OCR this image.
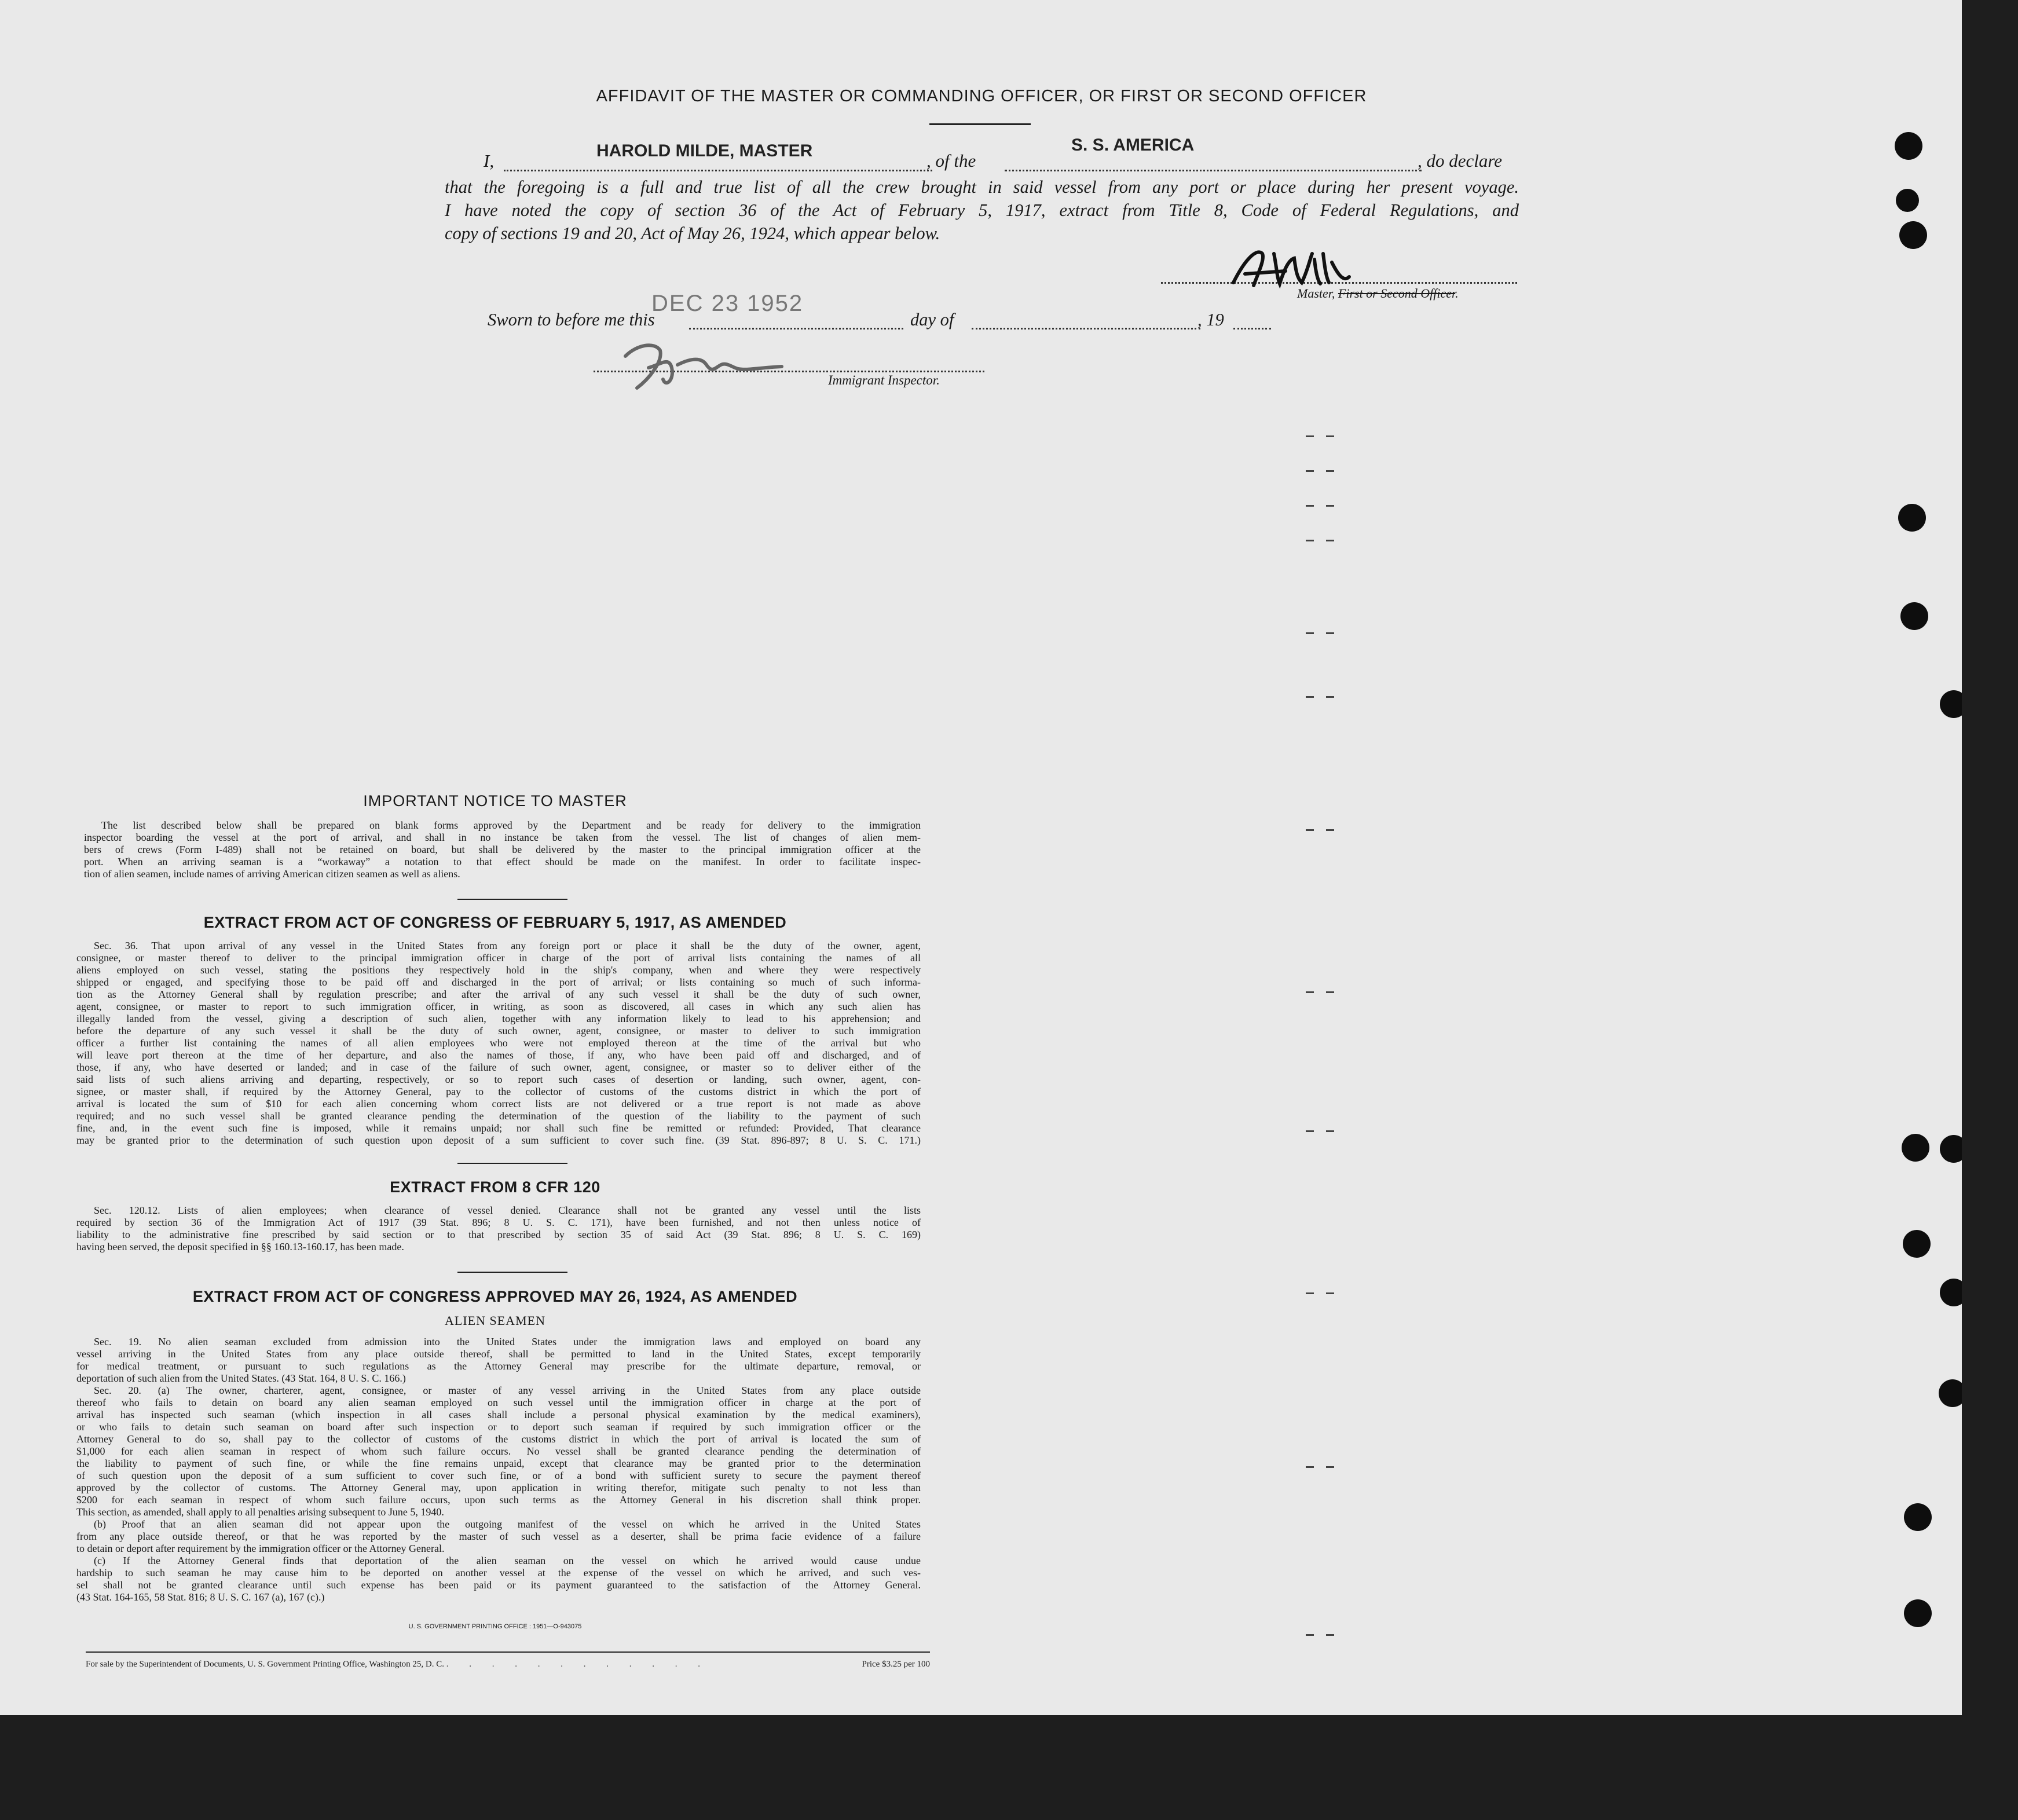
AFFIDAVIT OF THE MASTER OR COMMANDING OFFICER, OR FIRST OR SECOND OFFICER
I,	HAROLD MILDE, MASTER	, of the
S. S. AMERICA
, do declare
that the foregoing is a full and true list of all the crew brought in said vessel from any port or place during her present voyage.
I have noted the copy of section 36 of the Act of February 5, 1917, extract from Title 8, Code of Federal Regulations, and
copy of sections 19 and 20, Act of May 26, 1924, which appear below.
Master, First or Second Officer.
Sworn to before me this
DEC 23 1952
day of	, 19
Immigrant Inspector.
IMPORTANT NOTICE TO MASTER
The list described below shall be prepared on blank forms approved by the Department and be ready for delivery to the immigration
inspector boarding the vessel at the port of arrival, and shall in no instance be taken from the vessel. The list of changes of alien mem-
bers of crews (Form I-489) shall not be retained on board, but shall be delivered by the master to the principal immigration officer at the
port. When an arriving seaman is a “workaway” a notation to that effect should be made on the manifest. In order to facilitate inspec-
tion of alien seamen, include names of arriving American citizen seamen as well as aliens.
EXTRACT FROM ACT OF CONGRESS OF FEBRUARY 5, 1917, AS AMENDED
Sec. 36. That upon arrival of any vessel in the United States from any foreign port or place it shall be the duty of the owner, agent,
consignee, or master thereof to deliver to the principal immigration officer in charge of the port of arrival lists containing the names of all
aliens employed on such vessel, stating the positions they respectively hold in the ship's company, when and where they were respectively
shipped or engaged, and specifying those to be paid off and discharged in the port of arrival; or lists containing so much of such informa-
tion as the Attorney General shall by regulation prescribe; and after the arrival of any such vessel it shall be the duty of such owner,
agent, consignee, or master to report to such immigration officer, in writing, as soon as discovered, all cases in which any such alien has
illegally landed from the vessel, giving a description of such alien, together with any information likely to lead to his apprehension; and
before the departure of any such vessel it shall be the duty of such owner, agent, consignee, or master to deliver to such immigration
officer a further list containing the names of all alien employees who were not employed thereon at the time of the arrival but who
will leave port thereon at the time of her departure, and also the names of those, if any, who have been paid off and discharged, and of
those, if any, who have deserted or landed; and in case of the failure of such owner, agent, consignee, or master so to deliver either of the
said lists of such aliens arriving and departing, respectively, or so to report such cases of desertion or landing, such owner, agent, con-
signee, or master shall, if required by the Attorney General, pay to the collector of customs of the customs district in which the port of
arrival is located the sum of $10 for each alien concerning whom correct lists are not delivered or a true report is not made as above
required; and no such vessel shall be granted clearance pending the determination of the question of the liability to the payment of such
fine, and, in the event such fine is imposed, while it remains unpaid; nor shall such fine be remitted or refunded: Provided, That clearance
may be granted prior to the determination of such question upon deposit of a sum sufficient to cover such fine. (39 Stat. 896-897; 8 U. S. C. 171.)
EXTRACT FROM 8 CFR 120
Sec. 120.12. Lists of alien employees; when clearance of vessel denied. Clearance shall not be granted any vessel until the lists
required by section 36 of the Immigration Act of 1917 (39 Stat. 896; 8 U. S. C. 171), have been furnished, and not then unless notice of
liability to the administrative fine prescribed by said section or to that prescribed by section 35 of said Act (39 Stat. 896; 8 U. S. C. 169)
having been served, the deposit specified in §§ 160.13-160.17, has been made.
EXTRACT FROM ACT OF CONGRESS APPROVED MAY 26, 1924, AS AMENDED
ALIEN SEAMEN
Sec. 19. No alien seaman excluded from admission into the United States under the immigration laws and employed on board any
vessel arriving in the United States from any place outside thereof, shall be permitted to land in the United States, except temporarily
for medical treatment, or pursuant to such regulations as the Attorney General may prescribe for the ultimate departure, removal, or
deportation of such alien from the United States. (43 Stat. 164, 8 U. S. C. 166.)
Sec. 20. (a) The owner, charterer, agent, consignee, or master of any vessel arriving in the United States from any place outside
thereof who fails to detain on board any alien seaman employed on such vessel until the immigration officer in charge at the port of
arrival has inspected such seaman (which inspection in all cases shall include a personal physical examination by the medical examiners),
or who fails to detain such seaman on board after such inspection or to deport such seaman if required by such immigration officer or the
Attorney General to do so, shall pay to the collector of customs of the customs district in which the port of arrival is located the sum of
$1,000 for each alien seaman in respect of whom such failure occurs. No vessel shall be granted clearance pending the determination of
the liability to payment of such fine, or while the fine remains unpaid, except that clearance may be granted prior to the determination
of such question upon the deposit of a sum sufficient to cover such fine, or of a bond with sufficient surety to secure the payment thereof
approved by the collector of customs. The Attorney General may, upon application in writing therefor, mitigate such penalty to not less than
$200 for each seaman in respect of whom such failure occurs, upon such terms as the Attorney General in his discretion shall think proper.
This section, as amended, shall apply to all penalties arising subsequent to June 5, 1940.
(b) Proof that an alien seaman did not appear upon the outgoing manifest of the vessel on which he arrived in the United States
from any place outside thereof, or that he was reported by the master of such vessel as a deserter, shall be prima facie evidence of a failure
to detain or deport after requirement by the immigration officer or the Attorney General.
(c) If the Attorney General finds that deportation of the alien seaman on the vessel on which he arrived would cause undue
hardship to such seaman he may cause him to be deported on another vessel at the expense of the vessel on which he arrived, and such ves-
sel shall not be granted clearance until such expense has been paid or its payment guaranteed to the satisfaction of the Attorney General.
(43 Stat. 164-165, 58 Stat. 816; 8 U. S. C. 167 (a), 167 (c).)
U. S. GOVERNMENT PRINTING OFFICE : 1951—O-943075
For sale by the Superintendent of Documents, U. S. Government Printing Office, Washington 25, D. C. . . . . . . . . . . . .	Price $3.25 per 100
